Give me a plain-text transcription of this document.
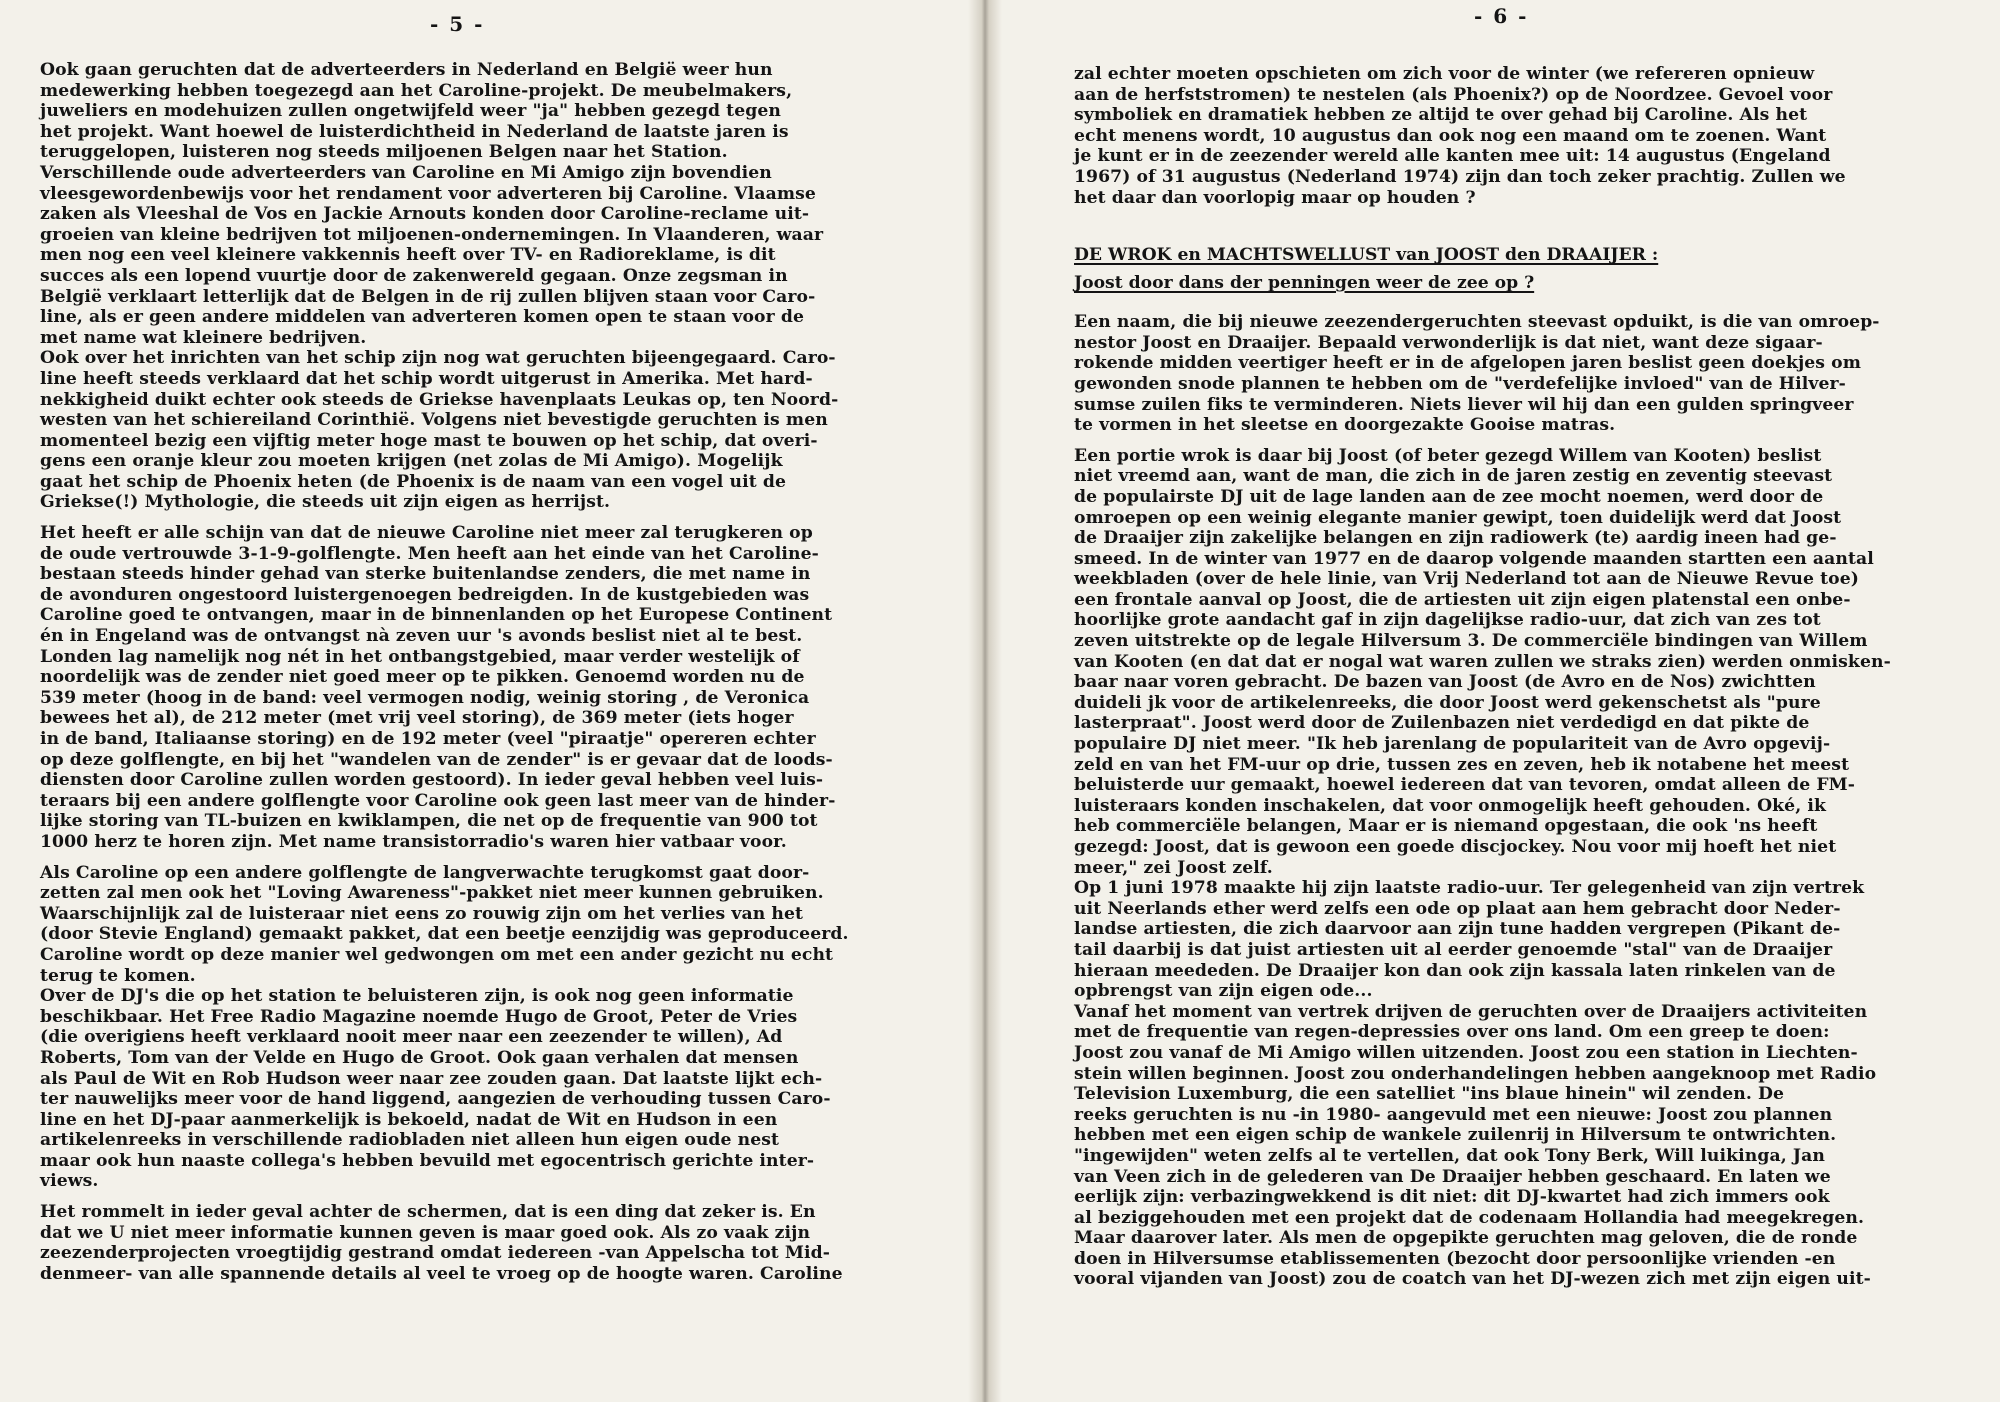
- 5 -

Ook gaan geruchten dat de adverteerders in Nederland en België weer hun
medewerking hebben toegezegd aan het Caroline-projekt. De meubelmakers,
juweliers en modehuizen zullen ongetwijfeld weer "ja" hebben gezegd tegen
het projekt. Want hoewel de luisterdichtheid in Nederland de laatste jaren is
teruggelopen, luisteren nog steeds miljoenen Belgen naar het Station.
Verschillende oude adverteerders van Caroline en Mi Amigo zijn bovendien
vleesgewordenbewijs voor het rendament voor adverteren bij Caroline. Vlaamse
zaken als Vleeshal de Vos en Jackie Arnouts konden door Caroline-reclame uit-
groeien van kleine bedrijven tot miljoenen-ondernemingen. In Vlaanderen, waar
men nog een veel kleinere vakkennis heeft over TV- en Radioreklame, is dit
succes als een lopend vuurtje door de zakenwereld gegaan. Onze zegsman in
België verklaart letterlijk dat de Belgen in de rij zullen blijven staan voor Caro-
line, als er geen andere middelen van adverteren komen open te staan voor de
met name wat kleinere bedrijven.
Ook over het inrichten van het schip zijn nog wat geruchten bijeengegaard. Caro-
line heeft steeds verklaard dat het schip wordt uitgerust in Amerika. Met hard-
nekkigheid duikt echter ook steeds de Griekse havenplaats Leukas op, ten Noord-
westen van het schiereiland Corinthië. Volgens niet bevestigde geruchten is men
momenteel bezig een vijftig meter hoge mast te bouwen op het schip, dat overi-
gens een oranje kleur zou moeten krijgen (net zolas de Mi Amigo). Mogelijk
gaat het schip de Phoenix heten (de Phoenix is de naam van een vogel uit de
Griekse(!) Mythologie, die steeds uit zijn eigen as herrijst.

Het heeft er alle schijn van dat de nieuwe Caroline niet meer zal terugkeren op
de oude vertrouwde 3-1-9-golflengte. Men heeft aan het einde van het Caroline-
bestaan steeds hinder gehad van sterke buitenlandse zenders, die met name in
de avonduren ongestoord luistergenoegen bedreigden. In de kustgebieden was
Caroline goed te ontvangen, maar in de binnenlanden op het Europese Continent
én in Engeland was de ontvangst nà zeven uur 's avonds beslist niet al te best.
Londen lag namelijk nog nét in het ontbangstgebied, maar verder westelijk of
noordelijk was de zender niet goed meer op te pikken. Genoemd worden nu de
539 meter (hoog in de band: veel vermogen nodig, weinig storing , de Veronica
bewees het al), de 212 meter (met vrij veel storing), de 369 meter (iets hoger
in de band, Italiaanse storing) en de 192 meter (veel "piraatje" opereren echter
op deze golflengte, en bij het "wandelen van de zender" is er gevaar dat de loods-
diensten door Caroline zullen worden gestoord). In ieder geval hebben veel luis-
teraars bij een andere golflengte voor Caroline ook geen last meer van de hinder-
lijke storing van TL-buizen en kwiklampen, die net op de frequentie van 900 tot
1000 herz te horen zijn. Met name transistorradio's waren hier vatbaar voor.

Als Caroline op een andere golflengte de langverwachte terugkomst gaat door-
zetten zal men ook het "Loving Awareness"-pakket niet meer kunnen gebruiken.
Waarschijnlijk zal de luisteraar niet eens zo rouwig zijn om het verlies van het
(door Stevie England) gemaakt pakket, dat een beetje eenzijdig was geproduceerd.
Caroline wordt op deze manier wel gedwongen om met een ander gezicht nu echt
terug te komen.
Over de DJ's die op het station te beluisteren zijn, is ook nog geen informatie
beschikbaar. Het Free Radio Magazine noemde Hugo de Groot, Peter de Vries
(die overigiens heeft verklaard nooit meer naar een zeezender te willen), Ad
Roberts, Tom van der Velde en Hugo de Groot. Ook gaan verhalen dat mensen
als Paul de Wit en Rob Hudson weer naar zee zouden gaan. Dat laatste lijkt ech-
ter nauwelijks meer voor de hand liggend, aangezien de verhouding tussen Caro-
line en het DJ-paar aanmerkelijk is bekoeld, nadat de Wit en Hudson in een
artikelenreeks in verschillende radiobladen niet alleen hun eigen oude nest
maar ook hun naaste collega's hebben bevuild met egocentrisch gerichte inter-
views.

Het rommelt in ieder geval achter de schermen, dat is een ding dat zeker is. En
dat we U niet meer informatie kunnen geven is maar goed ook. Als zo vaak zijn
zeezenderprojecten vroegtijdig gestrand omdat iedereen -van Appelscha tot Mid-
denmeer- van alle spannende details al veel te vroeg op de hoogte waren. Caroline

- 6 -

zal echter moeten opschieten om zich voor de winter (we refereren opnieuw
aan de herfststromen) te nestelen (als Phoenix?) op de Noordzee. Gevoel voor
symboliek en dramatiek hebben ze altijd te over gehad bij Caroline. Als het
echt menens wordt, 10 augustus dan ook nog een maand om te zoenen. Want
je kunt er in de zeezender wereld alle kanten mee uit: 14 augustus (Engeland
1967) of 31 augustus (Nederland 1974) zijn dan toch zeker prachtig. Zullen we
het daar dan voorlopig maar op houden ?

DE WROK en MACHTSWELLUST van JOOST den DRAAIJER :

Joost door dans der penningen weer de zee op ?

Een naam, die bij nieuwe zeezendergeruchten steevast opduikt, is die van omroep-
nestor Joost en Draaijer. Bepaald verwonderlijk is dat niet, want deze sigaar-
rokende midden veertiger heeft er in de afgelopen jaren beslist geen doekjes om
gewonden snode plannen te hebben om de "verdefelijke invloed" van de Hilver-
sumse zuilen fiks te verminderen. Niets liever wil hij dan een gulden springveer
te vormen in het sleetse en doorgezakte Gooise matras.

Een portie wrok is daar bij Joost (of beter gezegd Willem van Kooten) beslist
niet vreemd aan, want de man, die zich in de jaren zestig en zeventig steevast
de populairste DJ uit de lage landen aan de zee mocht noemen, werd door de
omroepen op een weinig elegante manier gewipt, toen duidelijk werd dat Joost
de Draaijer zijn zakelijke belangen en zijn radiowerk (te) aardig ineen had ge-
smeed. In de winter van 1977 en de daarop volgende maanden startten een aantal
weekbladen (over de hele linie, van Vrij Nederland tot aan de Nieuwe Revue toe)
een frontale aanval op Joost, die de artiesten uit zijn eigen platenstal een onbe-
hoorlijke grote aandacht gaf in zijn dagelijkse radio-uur, dat zich van zes tot
zeven uitstrekte op de legale Hilversum 3. De commerciële bindingen van Willem
van Kooten (en dat dat er nogal wat waren zullen we straks zien) werden onmisken-
baar naar voren gebracht. De bazen van Joost (de Avro en de Nos) zwichtten
duideli jk voor de artikelenreeks, die door Joost werd gekenschetst als "pure
lasterpraat". Joost werd door de Zuilenbazen niet verdedigd en dat pikte de
populaire DJ niet meer. "Ik heb jarenlang de populariteit van de Avro opgevij-
zeld en van het FM-uur op drie, tussen zes en zeven, heb ik notabene het meest
beluisterde uur gemaakt, hoewel iedereen dat van tevoren, omdat alleen de FM-
luisteraars konden inschakelen, dat voor onmogelijk heeft gehouden. Oké, ik
heb commerciële belangen, Maar er is niemand opgestaan, die ook 'ns heeft
gezegd: Joost, dat is gewoon een goede discjockey. Nou voor mij hoeft het niet
meer," zei Joost zelf.
Op 1 juni 1978 maakte hij zijn laatste radio-uur. Ter gelegenheid van zijn vertrek
uit Neerlands ether werd zelfs een ode op plaat aan hem gebracht door Neder-
landse artiesten, die zich daarvoor aan zijn tune hadden vergrepen (Pikant de-
tail daarbij is dat juist artiesten uit al eerder genoemde "stal" van de Draaijer
hieraan meededen. De Draaijer kon dan ook zijn kassala laten rinkelen van de
opbrengst van zijn eigen ode...
Vanaf het moment van vertrek drijven de geruchten over de Draaijers activiteiten
met de frequentie van regen-depressies over ons land. Om een greep te doen:
Joost zou vanaf de Mi Amigo willen uitzenden. Joost zou een station in Liechten-
stein willen beginnen. Joost zou onderhandelingen hebben aangeknoop met Radio
Television Luxemburg, die een satelliet "ins blaue hinein" wil zenden. De
reeks geruchten is nu -in 1980- aangevuld met een nieuwe: Joost zou plannen
hebben met een eigen schip de wankele zuilenrij in Hilversum te ontwrichten.
"ingewijden" weten zelfs al te vertellen, dat ook Tony Berk, Will luikinga, Jan
van Veen zich in de gelederen van De Draaijer hebben geschaard. En laten we
eerlijk zijn: verbazingwekkend is dit niet: dit DJ-kwartet had zich immers ook
al beziggehouden met een projekt dat de codenaam Hollandia had meegekregen.
Maar daarover later. Als men de opgepikte geruchten mag geloven, die de ronde
doen in Hilversumse etablissementen (bezocht door persoonlijke vrienden -en
vooral vijanden van Joost) zou de coatch van het DJ-wezen zich met zijn eigen uit-
